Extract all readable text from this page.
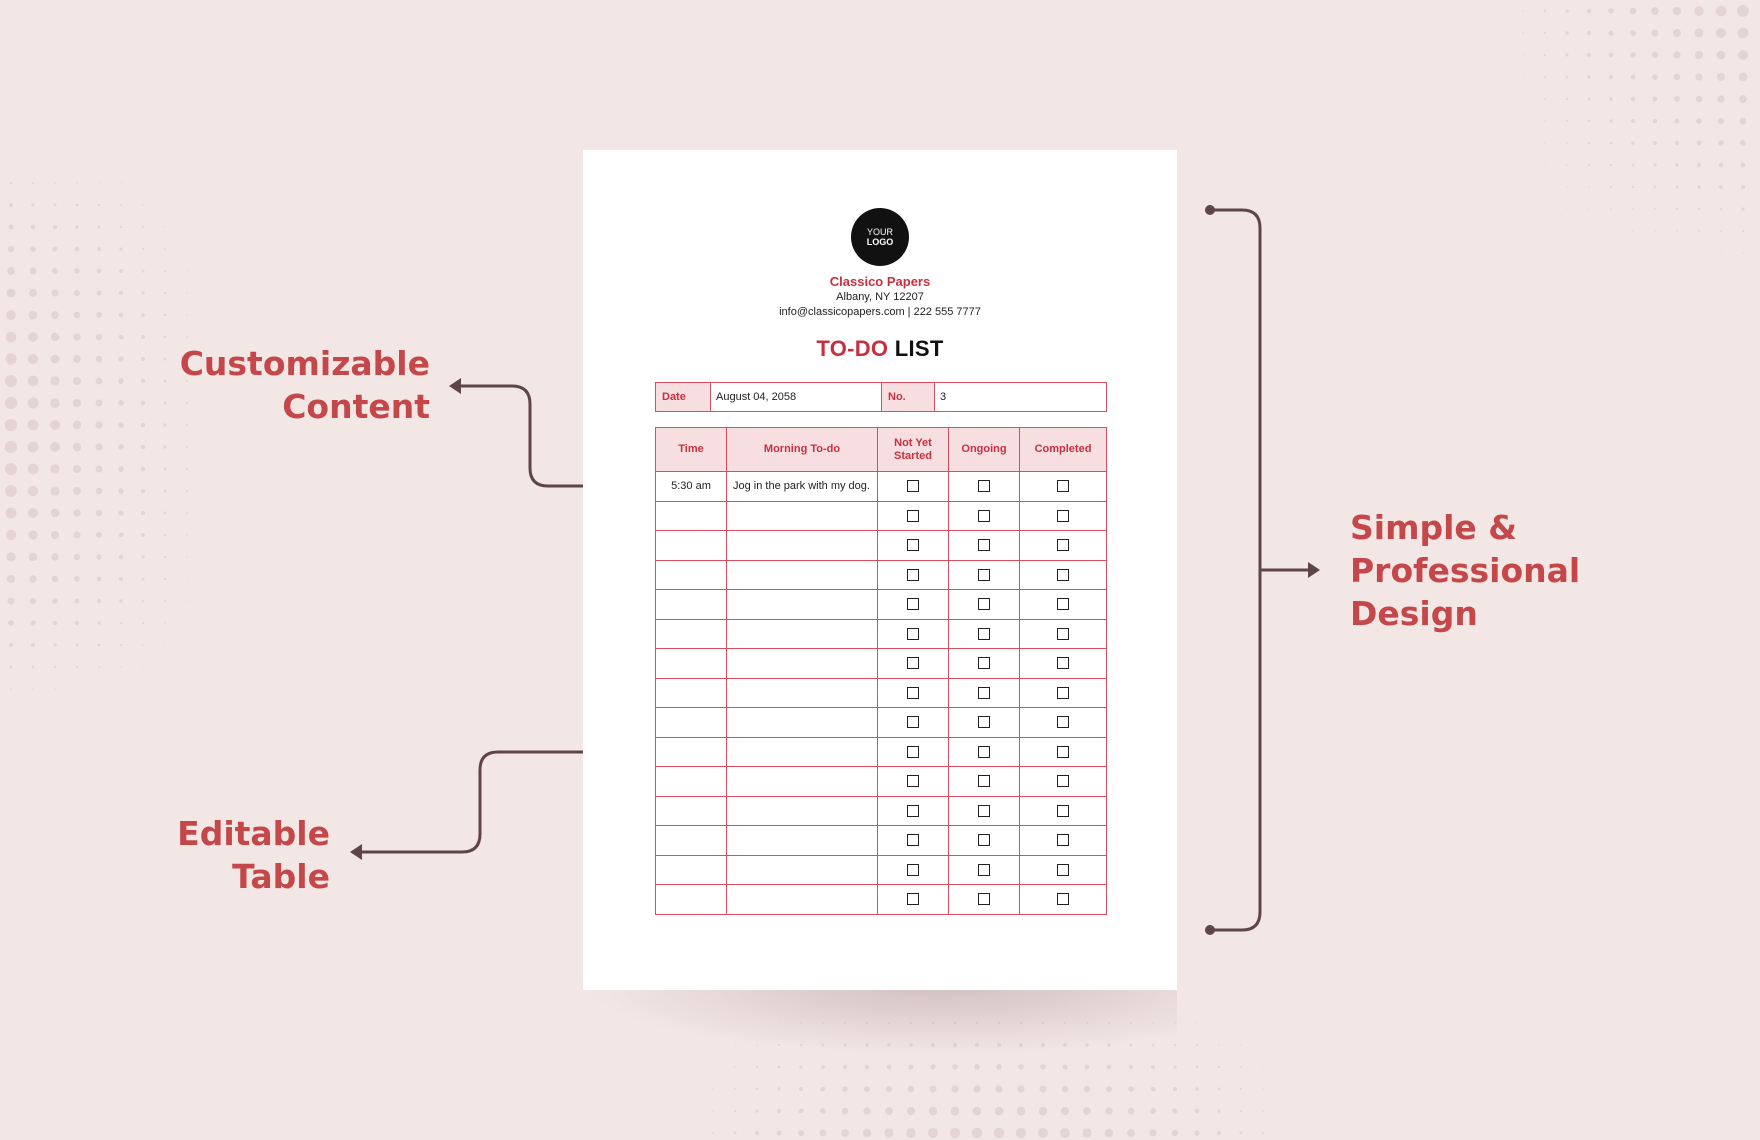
Customizable
Content
Editable
Table
Simple &
Professional
Design
YOUR
LOGO
Classico Papers
Albany, NY 12207
info@classicopapers.com | 222 555 7777
TO-DO LIST
Date	August 04, 2058	No.	3
Time	Morning To-do	Not Yet Started	Ongoing	Completed
5:30 am	Jog in the park with my dog.			
